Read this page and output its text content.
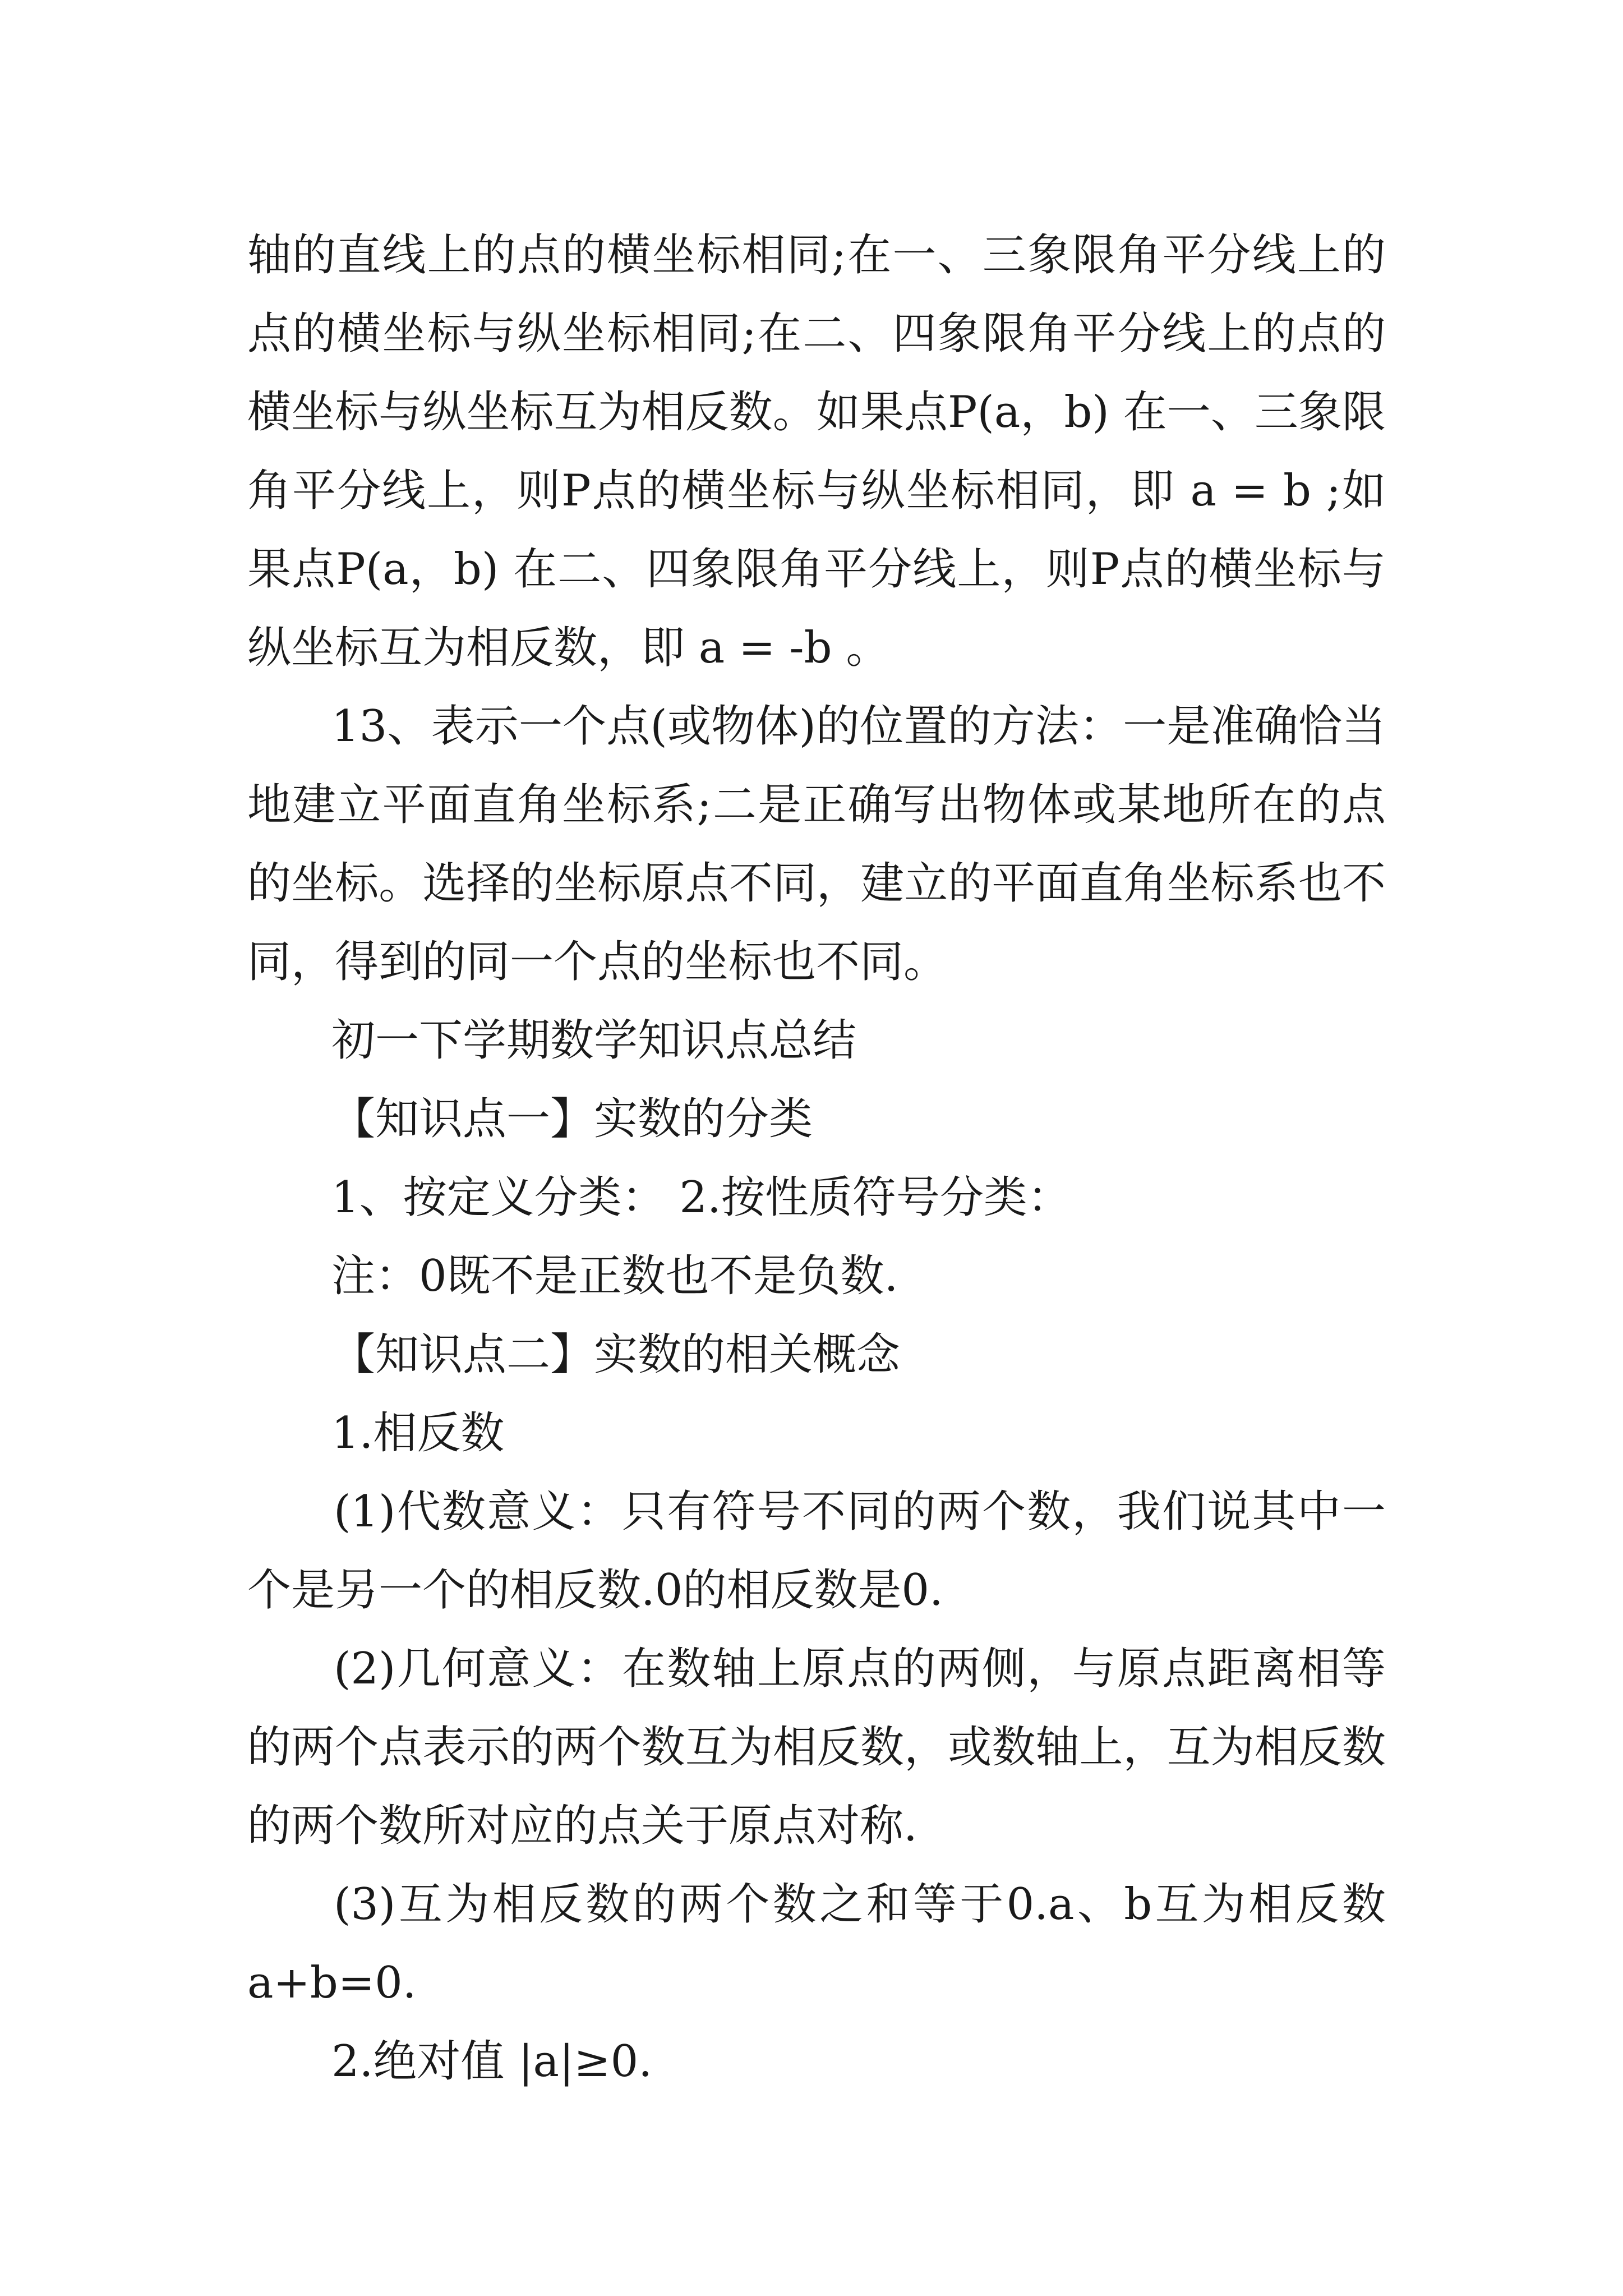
轴的直线上的点的横坐标相同;在一、三象限角平分线上的
点的横坐标与纵坐标相同;在二、四象限角平分线上的点的
横坐标与纵坐标互为相反数。如果点P(a，b) 在一、三象限
角平分线上，则P点的横坐标与纵坐标相同，即 a = b ;如
果点P(a，b) 在二、四象限角平分线上，则P点的横坐标与
纵坐标互为相反数，即 a = -b 。
13、表示一个点(或物体)的位置的方法：一是准确恰当
地建立平面直角坐标系;二是正确写出物体或某地所在的点
的坐标。选择的坐标原点不同，建立的平面直角坐标系也不
同，得到的同一个点的坐标也不同。
初一下学期数学知识点总结
【知识点一】实数的分类
1、按定义分类： 2.按性质符号分类：
注：0既不是正数也不是负数.
【知识点二】实数的相关概念
1.相反数
(1)代数意义：只有符号不同的两个数，我们说其中一
个是另一个的相反数.0的相反数是0.
(2)几何意义：在数轴上原点的两侧，与原点距离相等
的两个点表示的两个数互为相反数，或数轴上，互为相反数
的两个数所对应的点关于原点对称.
(3)互为相反数的两个数之和等于0.a、b互为相反数
a+b=0.
2.绝对值 |a|≥0.
